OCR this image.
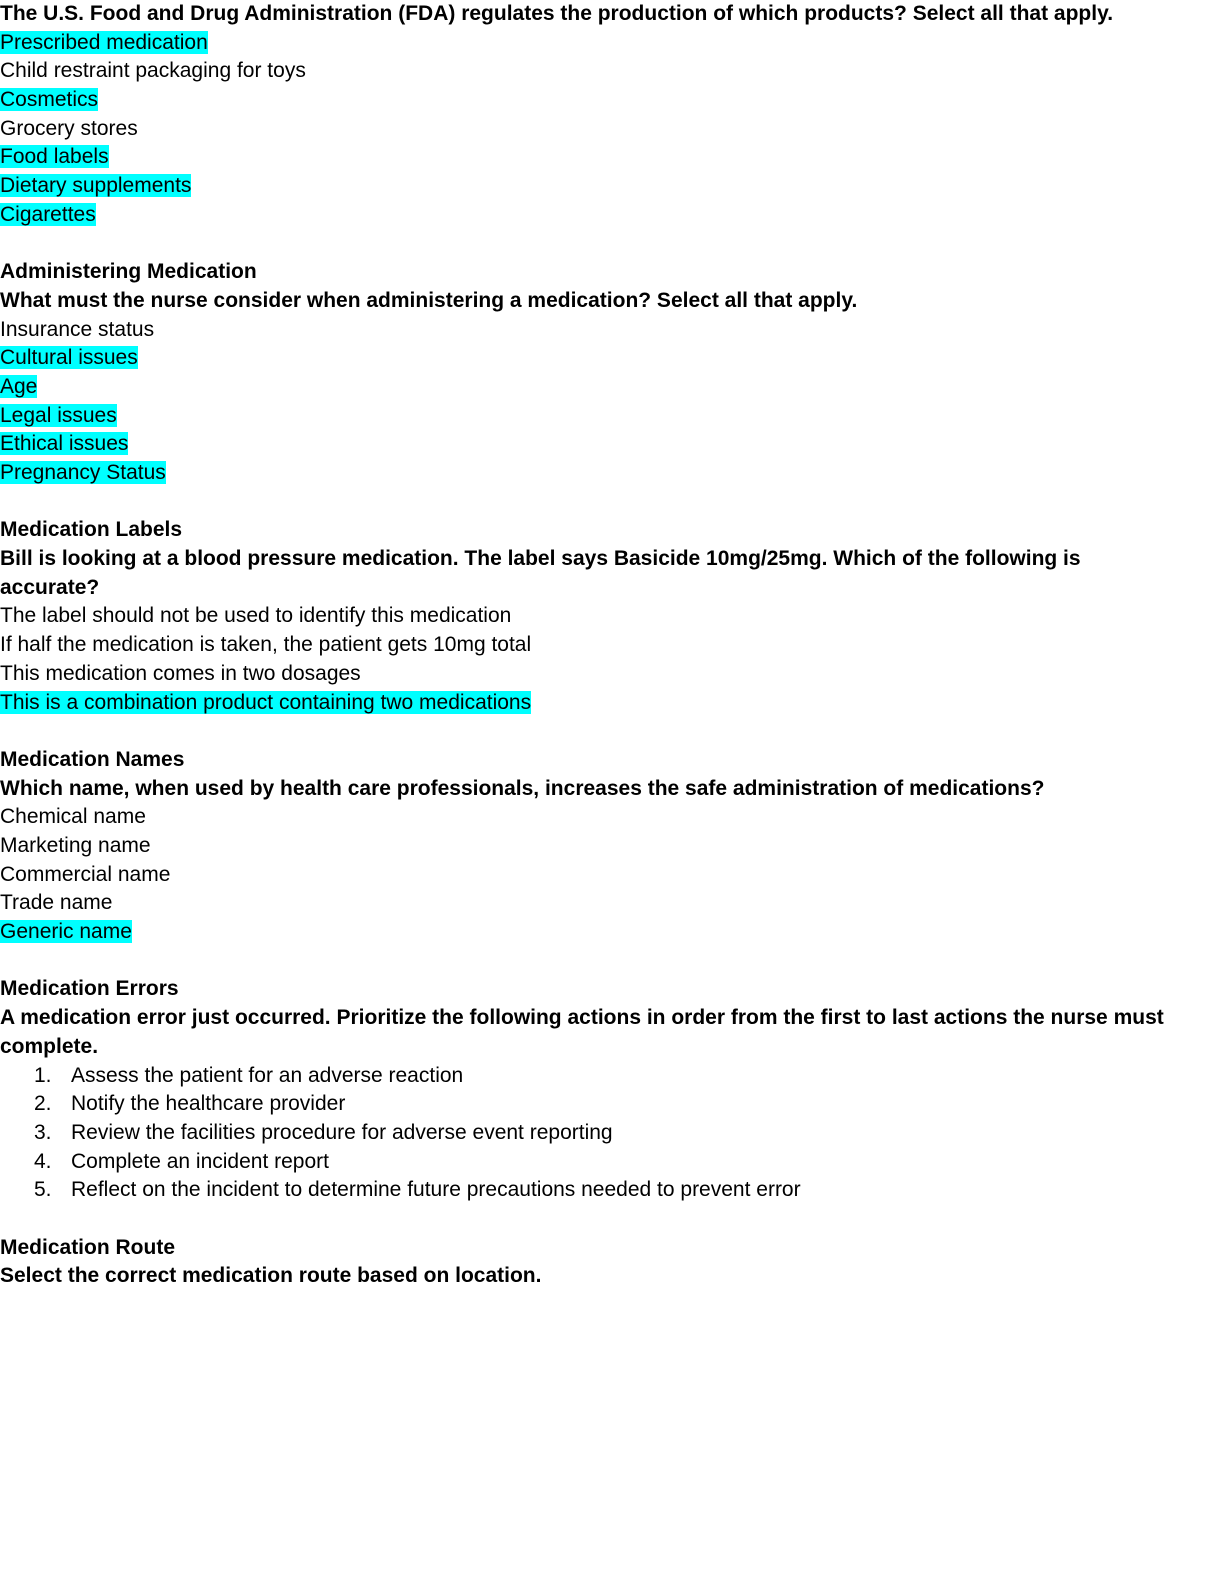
The U.S. Food and Drug Administration (FDA) regulates the production of which products? Select all that apply.
Prescribed medication
Child restraint packaging for toys
Cosmetics
Grocery stores
Food labels
Dietary supplements
Cigarettes
Administering Medication
What must the nurse consider when administering a medication? Select all that apply.
Insurance status
Cultural issues
Age
Legal issues
Ethical issues
Pregnancy Status
Medication Labels
Bill is looking at a blood pressure medication. The label says Basicide 10mg/25mg. Which of the following is accurate?
The label should not be used to identify this medication
If half the medication is taken, the patient gets 10mg total
This medication comes in two dosages
This is a combination product containing two medications
Medication Names
Which name, when used by health care professionals, increases the safe administration of medications?
Chemical name
Marketing name
Commercial name
Trade name
Generic name
Medication Errors
A medication error just occurred. Prioritize the following actions in order from the first to last actions the nurse must complete.
1. Assess the patient for an adverse reaction
2. Notify the healthcare provider
3. Review the facilities procedure for adverse event reporting
4. Complete an incident report
5. Reflect on the incident to determine future precautions needed to prevent error
Medication Route
Select the correct medication route based on location.
